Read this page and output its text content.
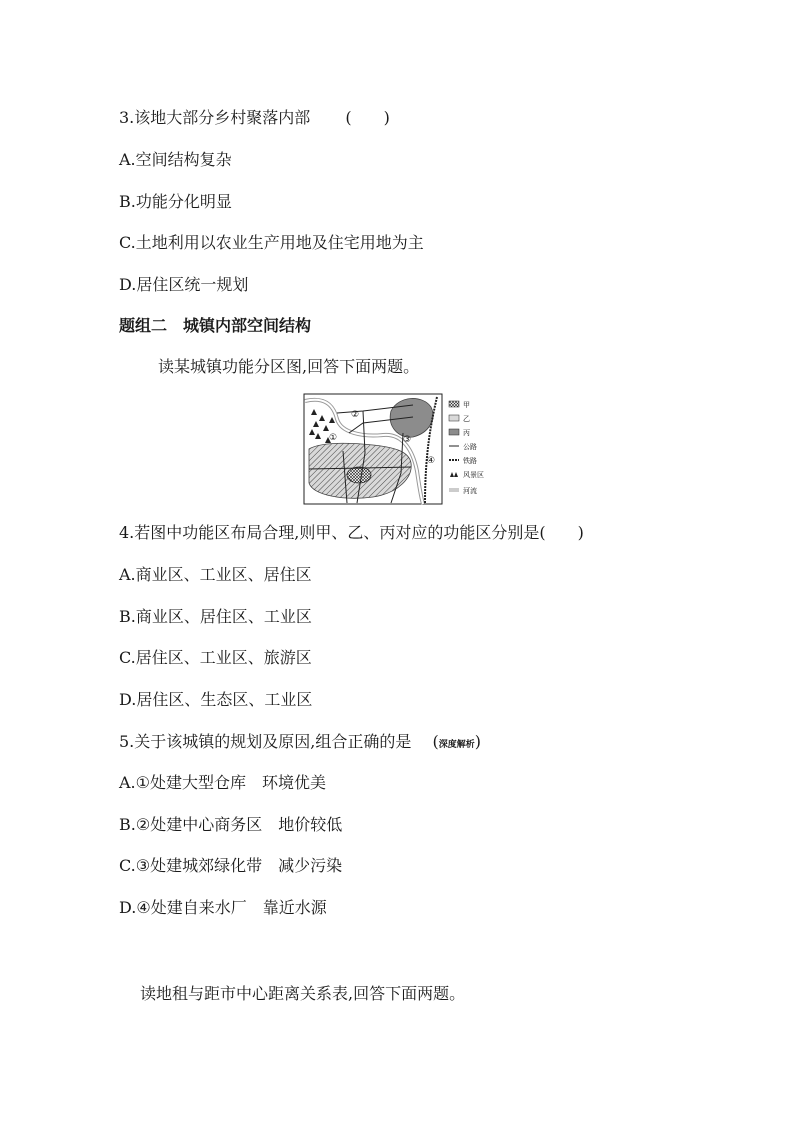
3.该地大部分乡村聚落内部 (　　)
A.空间结构复杂
B.功能分化明显
C.土地利用以农业生产用地及住宅用地为主
D.居住区统一规划
题组二　城镇内部空间结构
读某城镇功能分区图,回答下面两题。
①
②
③
④
甲
乙
丙
公路
铁路
风景区
河流
4.若图中功能区布局合理,则甲、乙、丙对应的功能区分别是(　　)
A.商业区、工业区、居住区
B.商业区、居住区、工业区
C.居住区、工业区、旅游区
D.居住区、生态区、工业区
5.关于该城镇的规划及原因,组合正确的是 (深度解析)
A.①处建大型仓库　环境优美
B.②处建中心商务区　地价较低
C.③处建城郊绿化带　减少污染
D.④处建自来水厂　靠近水源
读地租与距市中心距离关系表,回答下面两题。
